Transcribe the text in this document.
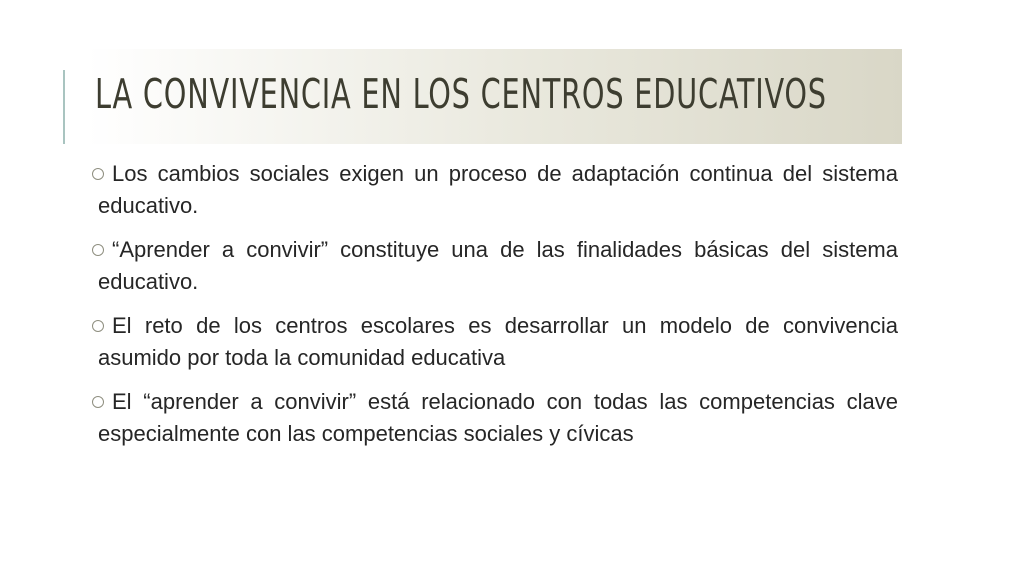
LA CONVIVENCIA EN LOS CENTROS EDUCATIVOS
Los cambios sociales exigen un proceso de adaptación continua del sistema educativo.
“Aprender a convivir” constituye una de las finalidades básicas del sistema educativo.
El reto de los centros escolares es desarrollar un modelo de convivencia asumido por toda la comunidad educativa
El “aprender a convivir” está relacionado con todas las competencias clave especialmente con las competencias sociales y cívicas
